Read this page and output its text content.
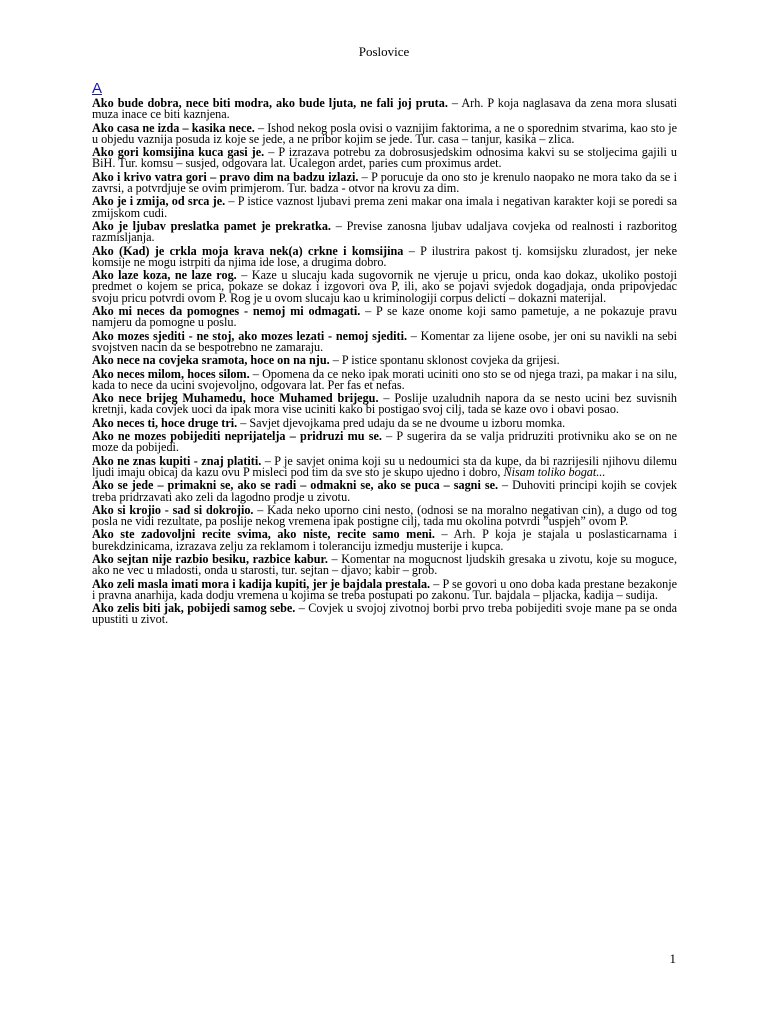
Poslovice
A

Ako bude dobra, nece biti modra, ako bude ljuta, ne fali joj pruta. – Arh. P koja naglasava da zena mora slusati muza inace ce biti kaznjena.

Ako casa ne izda – kasika nece. – Ishod nekog posla ovisi o vaznijim faktorima, a ne o sporednim stvarima, kao sto je u objedu vaznija posuda iz koje se jede, a ne pribor kojim se jede. Tur. casa – tanjur, kasika – zlica.

Ako gori komsijina kuca gasi je. – P izrazava potrebu za dobrosusjedskim odnosima kakvi su se stoljecima gajili u BiH. Tur. komsu – susjed, odgovara lat. Ucalegon ardet, paries cum proximus ardet.

Ako i krivo vatra gori – pravo dim na badzu izlazi. – P porucuje da ono sto je krenulo naopako ne mora tako da se i zavrsi, a potvrdjuje se ovim primjerom. Tur. badza - otvor na krovu za dim.

Ako je i zmija, od srca je. – P istice vaznost ljubavi prema zeni makar ona imala i negativan karakter koji se poredi sa zmijskom cudi.

Ako je ljubav preslatka pamet je prekratka. – Previse zanosna ljubav udaljava covjeka od realnosti i razboritog razmisljanja.

Ako (Kad) je crkla moja krava nek(a) crkne i komsijina – P ilustrira pakost tj. komsijsku zluradost, jer neke komsije ne mogu istrpiti da njima ide lose, a drugima dobro.

Ako laze koza, ne laze rog. – Kaze u slucaju kada sugovornik ne vjeruje u pricu, onda kao dokaz, ukoliko postoji predmet o kojem se prica, pokaze se dokaz i izgovori ova P, ili, ako se pojavi svjedok dogadjaja, onda pripovjedac svoju pricu potvrdi ovom P. Rog je u ovom slucaju kao u kriminologiji corpus delicti – dokazni materijal.

Ako mi neces da pomognes - nemoj mi odmagati. – P se kaze onome koji samo pametuje, a ne pokazuje pravu namjeru da pomogne u poslu.

Ako mozes sjediti - ne stoj, ako mozes lezati - nemoj sjediti. – Komentar za lijene osobe, jer oni su navikli na sebi svojstven nacin da se bespotrebno ne zamaraju.

Ako nece na covjeka sramota, hoce on na nju. – P istice spontanu sklonost covjeka da grijesi.

Ako neces milom, hoces silom. – Opomena da ce neko ipak morati uciniti ono sto se od njega trazi, pa makar i na silu, kada to nece da ucini svojevoljno, odgovara lat. Per fas et nefas.

Ako nece brijeg Muhamedu, hoce Muhamed brijegu. – Poslije uzaludnih napora da se nesto ucini bez suvisnih kretnji, kada covjek uoci da ipak mora vise uciniti kako bi postigao svoj cilj, tada se kaze ovo i obavi posao.

Ako neces ti, hoce druge tri. – Savjet djevojkama pred udaju da se ne dvoume u izboru momka.

Ako ne mozes pobijediti neprijatelja – pridruzi mu se. – P sugerira da se valja pridruziti protivniku ako se on ne moze da pobijedi.

Ako ne znas kupiti - znaj platiti. – P je savjet onima koji su u nedoumici sta da kupe, da bi razrijesili njihovu dilemu ljudi imaju obicaj da kazu ovu P misleci pod tim da sve sto je skupo ujedno i dobro, Nisam toliko bogat...

Ako se jede – primakni se, ako se radi – odmakni se, ako se puca – sagni se. – Duhoviti principi kojih se covjek treba pridrzavati ako zeli da lagodno prodje u zivotu.

Ako si krojio - sad si dokrojio. – Kada neko uporno cini nesto, (odnosi se na moralno negativan cin), a dugo od tog posla ne vidi rezultate, pa poslije nekog vremena ipak postigne cilj, tada mu okolina potvrdi ”uspjeh” ovom P.

Ako ste zadovoljni recite svima, ako niste, recite samo meni. – Arh. P koja je stajala u poslasticarnama i burekdzinicama, izrazava zelju za reklamom i toleranciju izmedju musterije i kupca.

Ako sejtan nije razbio besiku, razbice kabur. – Komentar na mogucnost ljudskih gresaka u zivotu, koje su moguce, ako ne vec u mladosti, onda u starosti, tur. sejtan – djavo; kabir – grob.

Ako zeli masla imati mora i kadija kupiti, jer je bajdala prestala. – P se govori u ono doba kada prestane bezakonje i pravna anarhija, kada dodju vremena u kojima se treba postupati po zakonu. Tur. bajdala – pljacka, kadija – sudija.

Ako zelis biti jak, pobijedi samog sebe. – Covjek u svojoj zivotnoj borbi prvo treba pobijediti svoje mane pa se onda upustiti u zivot.

1
